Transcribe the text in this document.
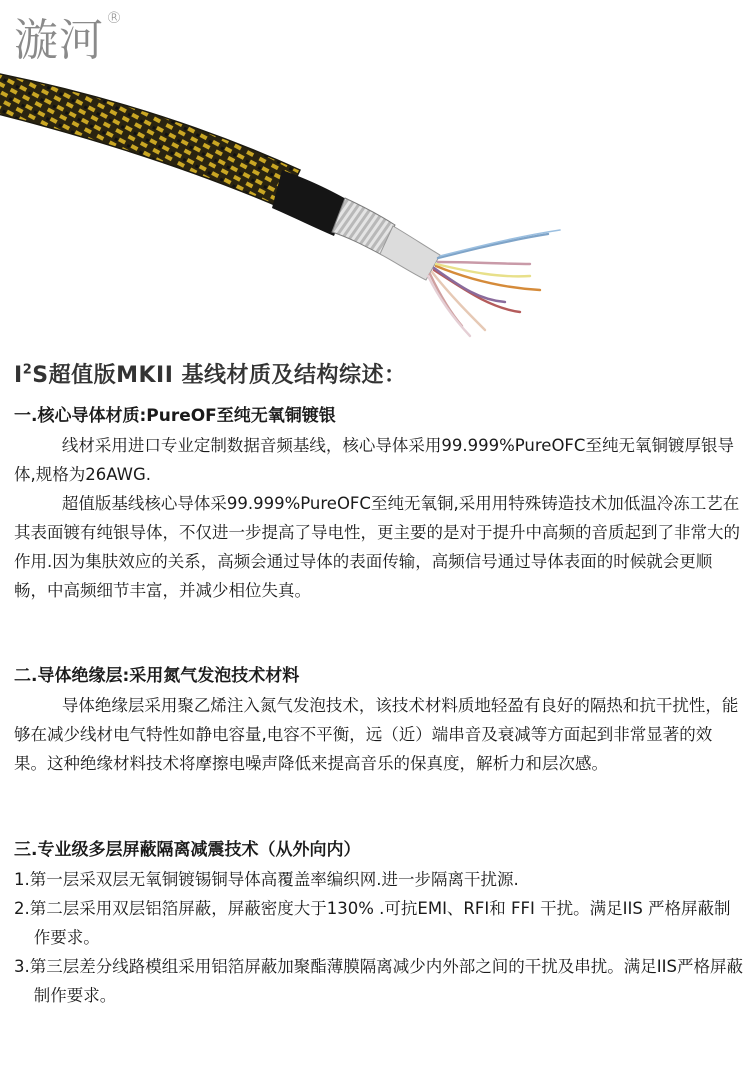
漩河 ®
$I^2S$超值版MKII 基线材质及结构综述：
一.核心导体材质:PureOF至纯无氧铜镀银

线材采用进口专业定制数据音频基线，核心导体采用99.999%PureOFC至纯无氧铜镀厚银导体,规格为26AWG.

超值版基线核心导体采99.999%PureOFC至纯无氧铜,采用用特殊铸造技术加低温冷冻工艺在其表面镀有纯银导体，不仅进一步提高了导电性，更主要的是对于提升中高频的音质起到了非常大的作用.因为集肤效应的关系，高频会通过导体的表面传输，高频信号通过导体表面的时候就会更顺畅，中高频细节丰富，并减少相位失真。

二.导体绝缘层:采用氮气发泡技术材料

导体绝缘层采用聚乙烯注入氮气发泡技术，该技术材料质地轻盈有良好的隔热和抗干扰性，能够在减少线材电气特性如静电容量,电容不平衡，远（近）端串音及衰减等方面起到非常显著的效果。这种绝缘材料技术将摩擦电噪声降低来提高音乐的保真度，解析力和层次感。

三.专业级多层屏蔽隔离减震技术（从外向内）

1.第一层采双层无氧铜镀锡铜导体高覆盖率编织网.进一步隔离干扰源.

2.第二层采用双层铝箔屏蔽，屏蔽密度大于130% .可抗EMI、RFI和 FFI 干扰。满足IIS 严格屏蔽制作要求。

3.第三层差分线路模组采用铝箔屏蔽加聚酯薄膜隔离减少内外部之间的干扰及串扰。满足IIS严格屏蔽制作要求。
